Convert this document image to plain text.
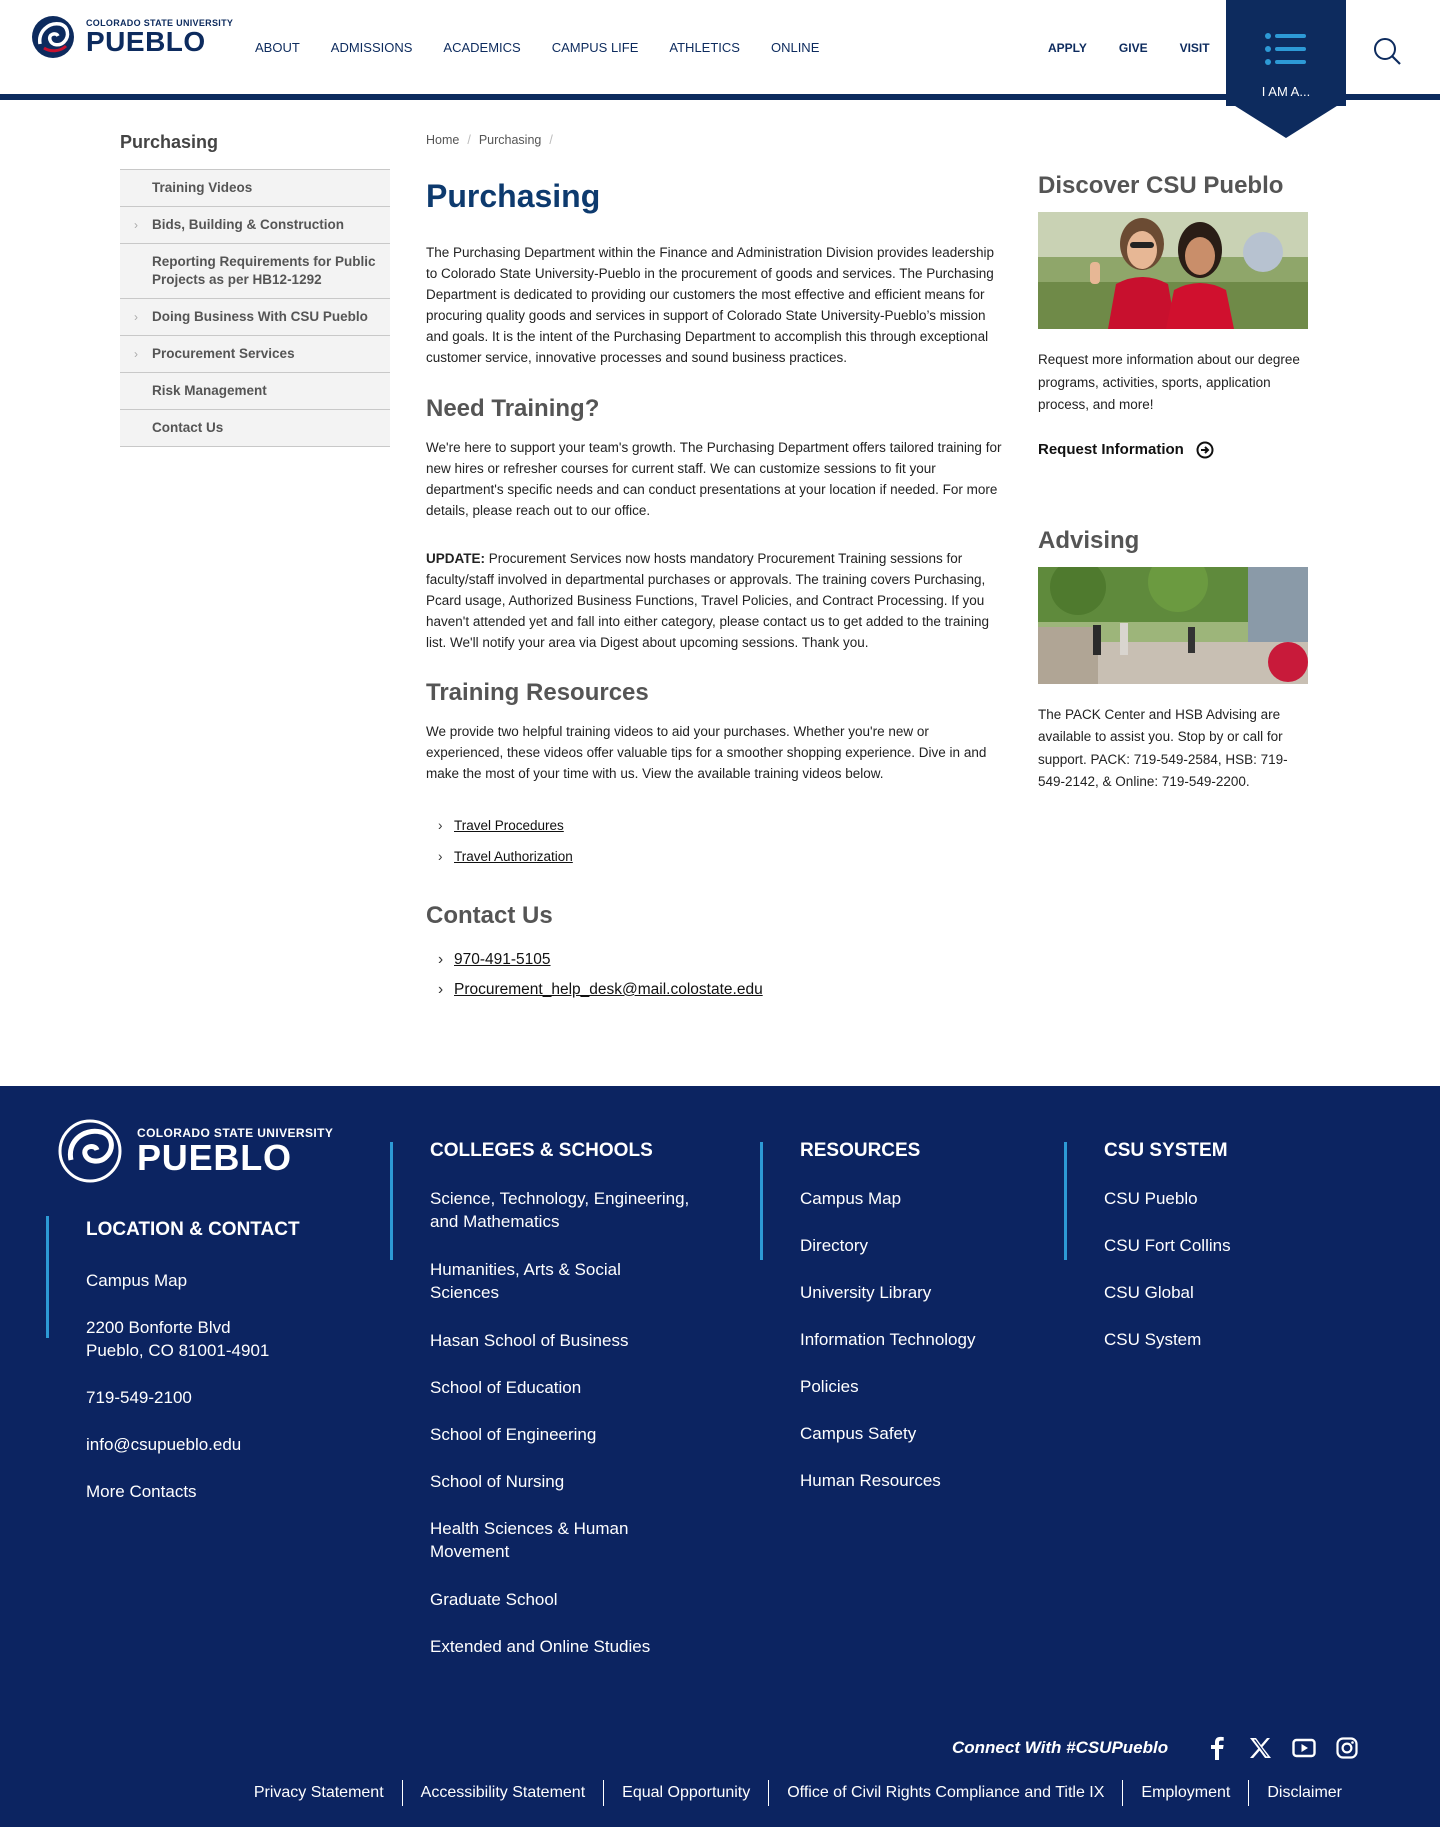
COLORADO STATE UNIVERSITY
PUEBLO	ABOUT ADMISSIONS ACADEMICS CAMPUS LIFE ATHLETICS ONLINE	APPLY	GIVE	VISIT
I AM A...
Purchasing
Training Videos
› Bids, Building & Construction
Reporting Requirements for Public Projects as per HB12-1292
› Doing Business With CSU Pueblo
› Procurement Services
Risk Management
Contact Us
Home / Purchasing /
Purchasing

The Purchasing Department within the Finance and Administration Division provides leadership to Colorado State University-Pueblo in the procurement of goods and services. The Purchasing Department is dedicated to providing our customers the most effective and efficient means for procuring quality goods and services in support of Colorado State University-Pueblo’s mission and goals. It is the intent of the Purchasing Department to accomplish this through exceptional customer service, innovative processes and sound business practices.

Need Training?

We're here to support your team's growth. The Purchasing Department offers tailored training for new hires or refresher courses for current staff. We can customize sessions to fit your department's specific needs and can conduct presentations at your location if needed. For more details, please reach out to our office.

UPDATE: Procurement Services now hosts mandatory Procurement Training sessions for faculty/staff involved in departmental purchases or approvals. The training covers Purchasing, Pcard usage, Authorized Business Functions, Travel Policies, and Contract Processing. If you haven't attended yet and fall into either category, please contact us to get added to the training list. We'll notify your area via Digest about upcoming sessions. Thank you.

Training Resources

We provide two helpful training videos to aid your purchases. Whether you're new or experienced, these videos offer valuable tips for a smoother shopping experience. Dive in and make the most of your time with us. View the available training videos below.

› Travel Procedures
› Travel Authorization
Contact Us
› 970-491-5105
› Procurement_help_desk@mail.colostate.edu
Discover CSU Pueblo

Request more information about our degree programs, activities, sports, application process, and more!

Request Information
Advising

The PACK Center and HSB Advising are available to assist you. Stop by or call for support. PACK: 719-549-2584, HSB: 719-549-2142, & Online: 719-549-2200.

COLORADO STATE UNIVERSITY
PUEBLO
LOCATION & CONTACT
Campus Map
2200 Bonforte Blvd
Pueblo, CO 81001-4901
719-549-2100
info@csupueblo.edu
More Contacts
COLLEGES & SCHOOLS
Science, Technology, Engineering, and Mathematics
Humanities, Arts & Social Sciences
Hasan School of Business
School of Education
School of Engineering
School of Nursing
Health Sciences & Human Movement
Graduate School
Extended and Online Studies
RESOURCES
Campus Map
Directory
University Library
Information Technology
Policies
Campus Safety
Human Resources
CSU SYSTEM
CSU Pueblo
CSU Fort Collins
CSU Global
CSU System
Connect With #CSUPueblo
Privacy Statement	Accessibility Statement	Equal Opportunity	Office of Civil Rights Compliance and Title IX	Employment	Disclaimer
